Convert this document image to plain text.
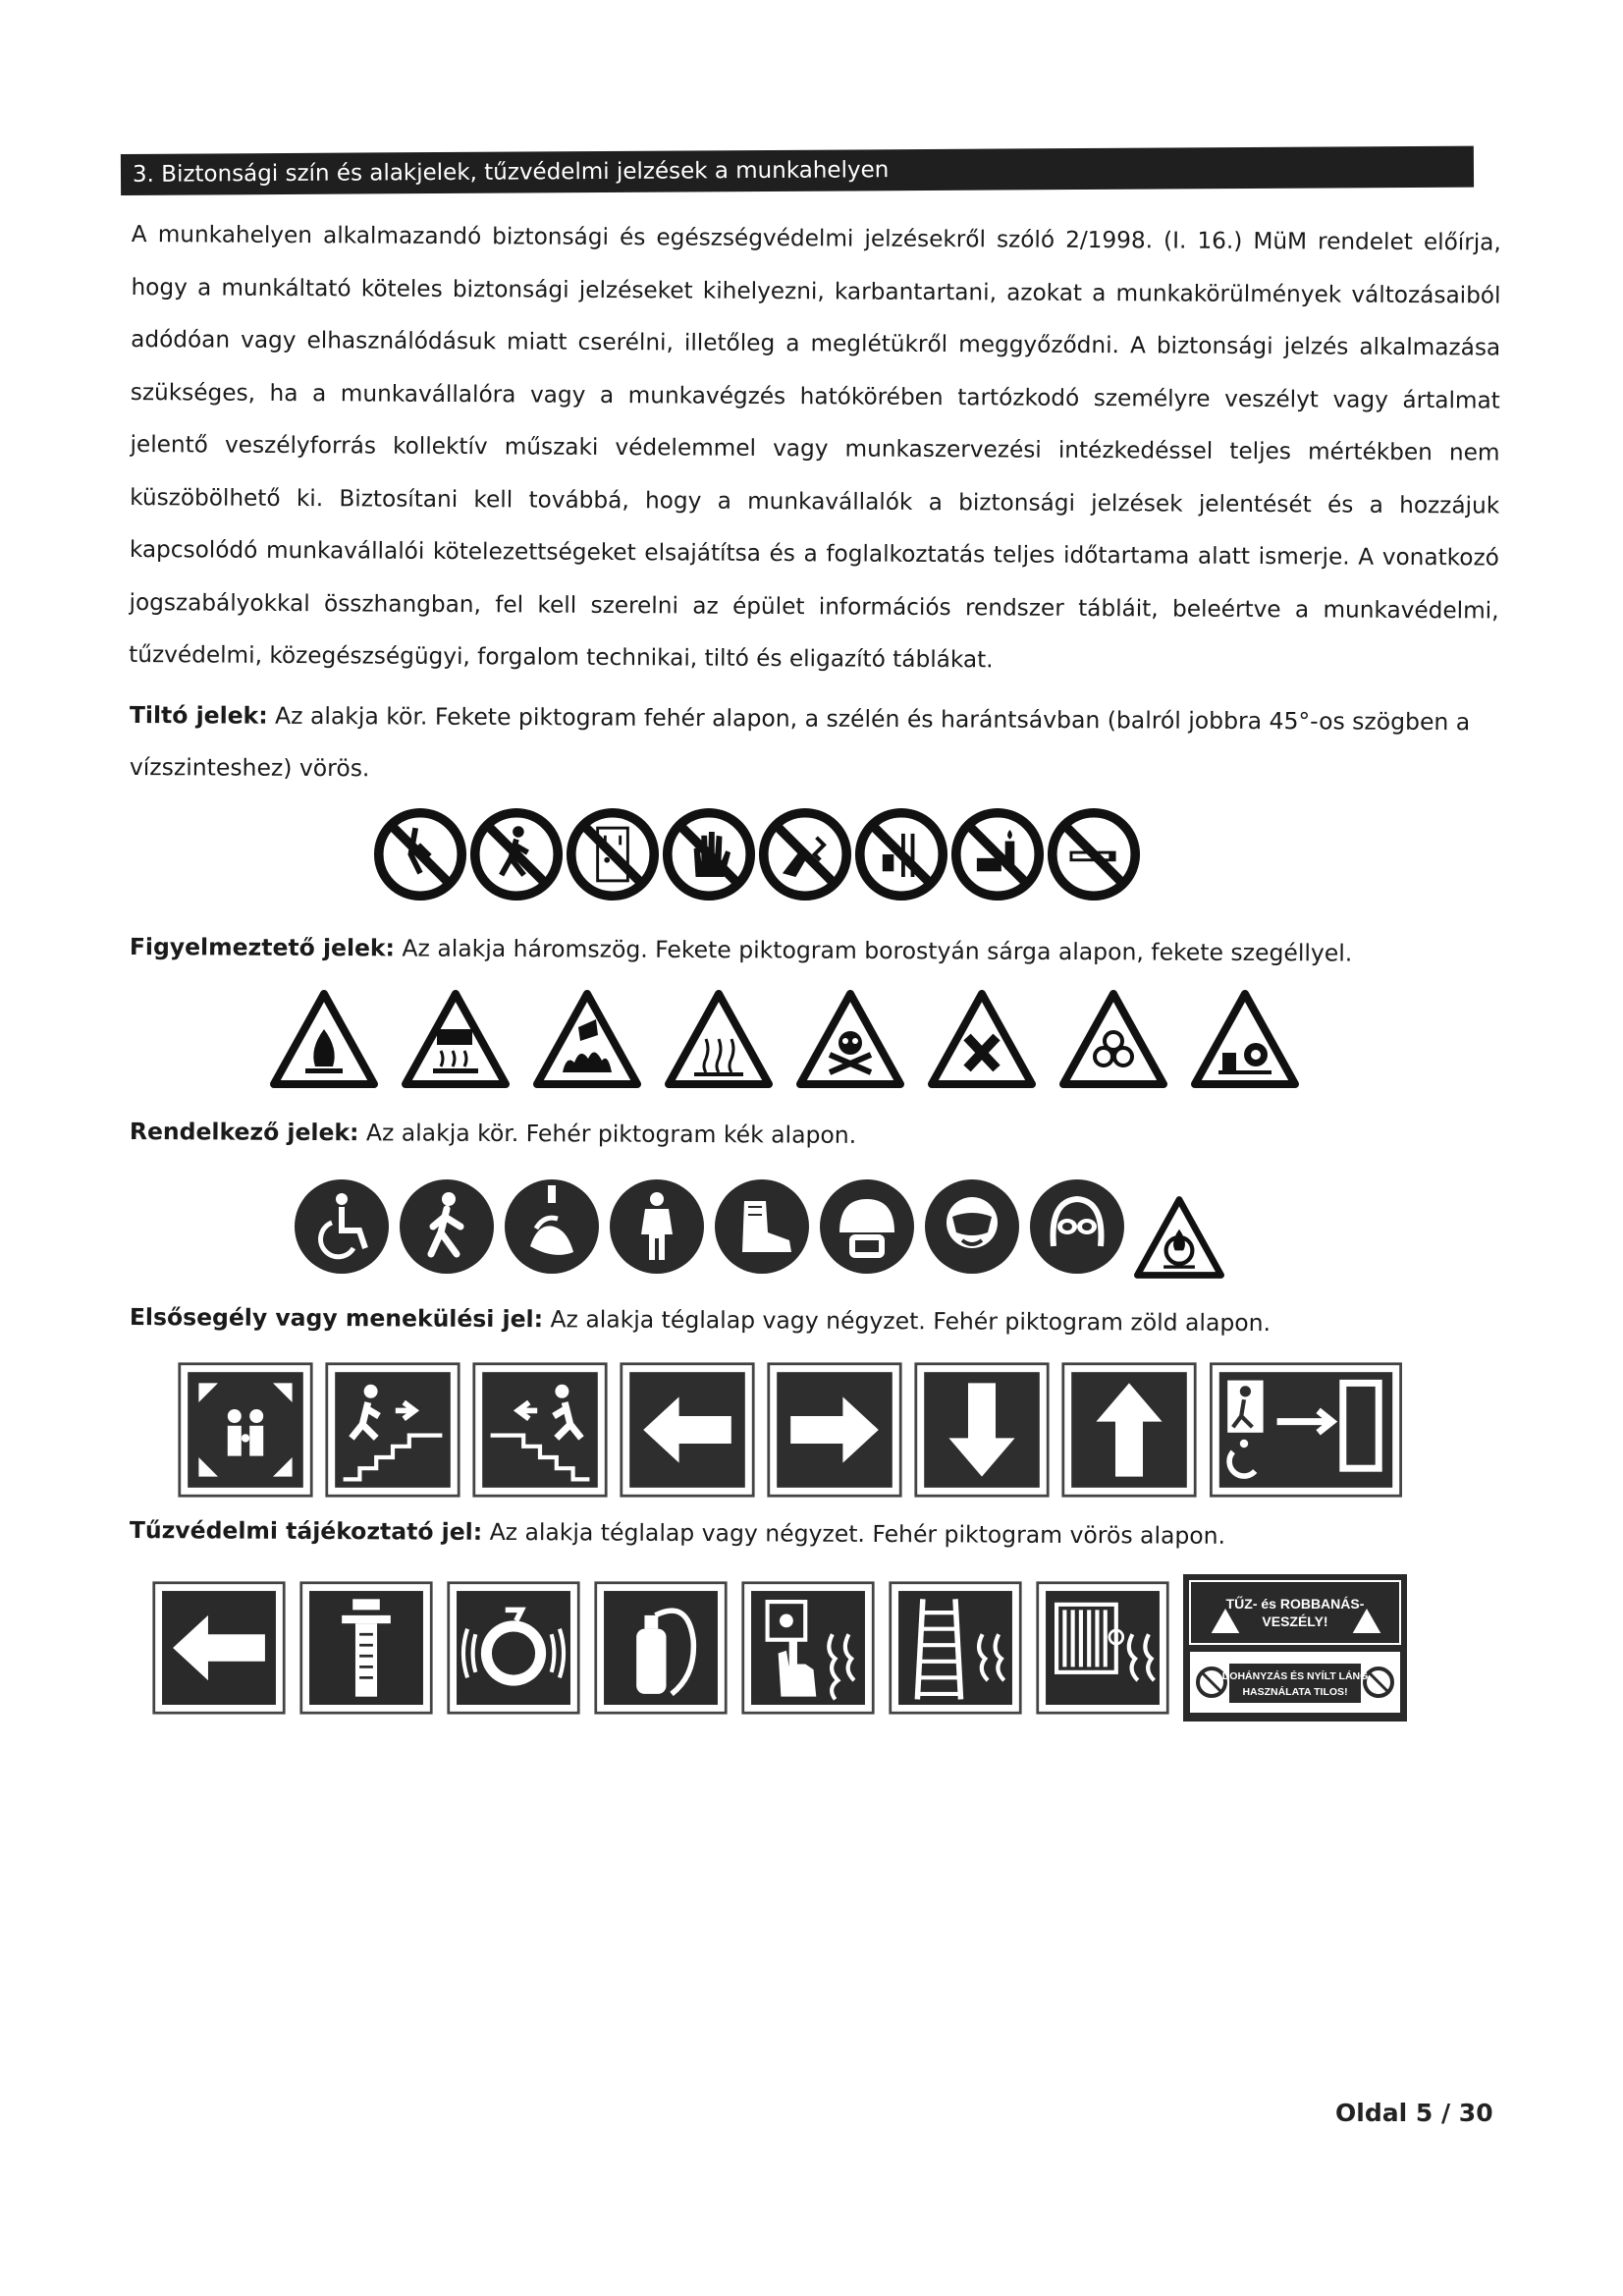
3. Biztonsági szín és alakjelek, tűzvédelmi jelzések a munkahelyen
A munkahelyen alkalmazandó biztonsági és egészségvédelmi jelzésekről szóló 2/1998. (I. 16.) MüM rendelet előírja, hogy a munkáltató köteles biztonsági jelzéseket kihelyezni, karbantartani, azokat a munkakörülmények változásaiból adódóan vagy elhasználódásuk miatt cserélni, illetőleg a meglétükről meggyőződni. A biztonsági jelzés alkalmazása szükséges, ha a munkavállalóra vagy a munkavégzés hatókörében tartózkodó személyre veszélyt vagy ártalmat jelentő veszélyforrás kollektív műszaki védelemmel vagy munkaszervezési intézkedéssel teljes mértékben nem küszöbölhető ki. Biztosítani kell továbbá, hogy a munkavállalók a biztonsági jelzések jelentését és a hozzájuk kapcsolódó munkavállalói kötelezettségeket elsajátítsa és a foglalkoztatás teljes időtartama alatt ismerje. A vonatkozó jogszabályokkal összhangban, fel kell szerelni az épület információs rendszer tábláit, beleértve a munkavédelmi, tűzvédelmi, közegészségügyi, forgalom technikai, tiltó és eligazító táblákat.
Tiltó jelek: Az alakja kör. Fekete piktogram fehér alapon, a szélén és harántsávban (balról jobbra 45°-os szögben a
vízszinteshez) vörös.
Figyelmeztető jelek: Az alakja háromszög. Fekete piktogram borostyán sárga alapon, fekete szegéllyel.
Rendelkező jelek: Az alakja kör. Fehér piktogram kék alapon.
Elsősegély vagy menekülési jel: Az alakja téglalap vagy négyzet. Fehér piktogram zöld alapon.
Tűzvédelmi tájékoztató jel: Az alakja téglalap vagy négyzet. Fehér piktogram vörös alapon.
TŰZ- és ROBBANÁS-
VESZÉLY!
DOHÁNYZÁS ÉS NYÍLT LÁNG
HASZNÁLATA TILOS!
Oldal 5 / 30
